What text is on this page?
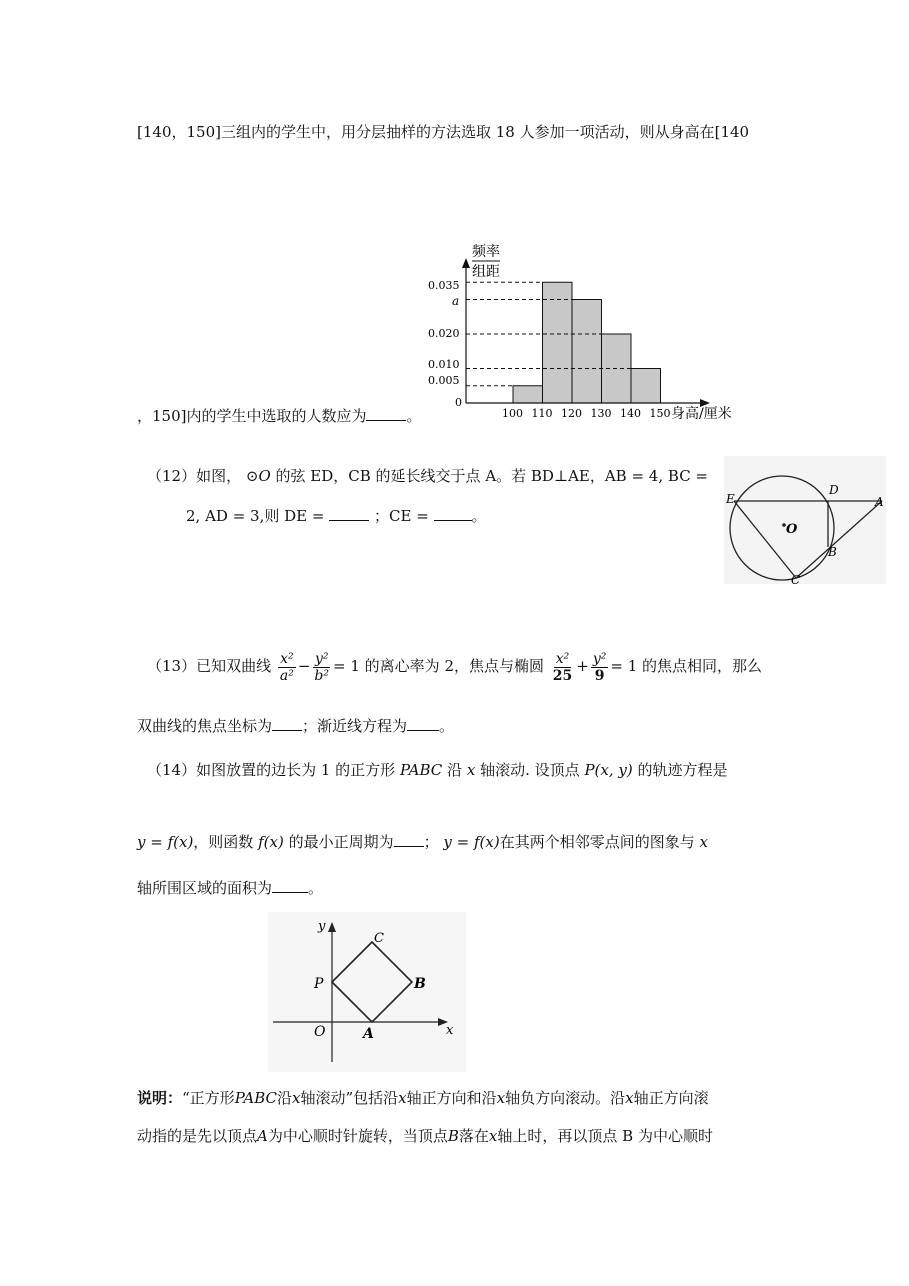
[140，150]三组内的学生中，用分层抽样的方法选取 18 人参加一项活动，则从身高在[140
，150]内的学生中选取的人数应为	。
频率
组距
0
0.035
a
0.020
0.010
0.005
100 110 120 130 140 150 身高/厘米
（12）如图， ⊙O 的弦 ED，CB 的延长线交于点 A。若 BD⊥AE，AB = 4, BC =
2, AD = 3,则 DE =	；CE =	。
E
D
A
O
B
C
（13）已知双曲线 $\frac{\text{x²}}{\text{a²}} - \frac{\text{y²}}{\text{b²}} = 1$ 的离心率为 2，焦点与椭圆 $\frac{\text{x²}}{25} + \frac{\text{y²}}{9} = 1$ 的焦点相同，那么
双曲线的焦点坐标为 ；渐近线方程为 。
（14）如图放置的边长为 1 的正方形 PABC 沿 x 轴滚动. 设顶点 P(x, y) 的轨迹方程是
y = f(x)，则函数 f(x) 的最小正周期为 ； y = f(x)在其两个相邻零点间的图象与 x
轴所围区域的面积为 。
y
C
P	B
O	A	x
说明：“正方形PABC沿x轴滚动”包括沿x轴正方向和沿x轴负方向滚动。沿x轴正方向滚
动指的是先以顶点A为中心顺时针旋转，当顶点B落在x轴上时，再以顶点 B 为中心顺时
